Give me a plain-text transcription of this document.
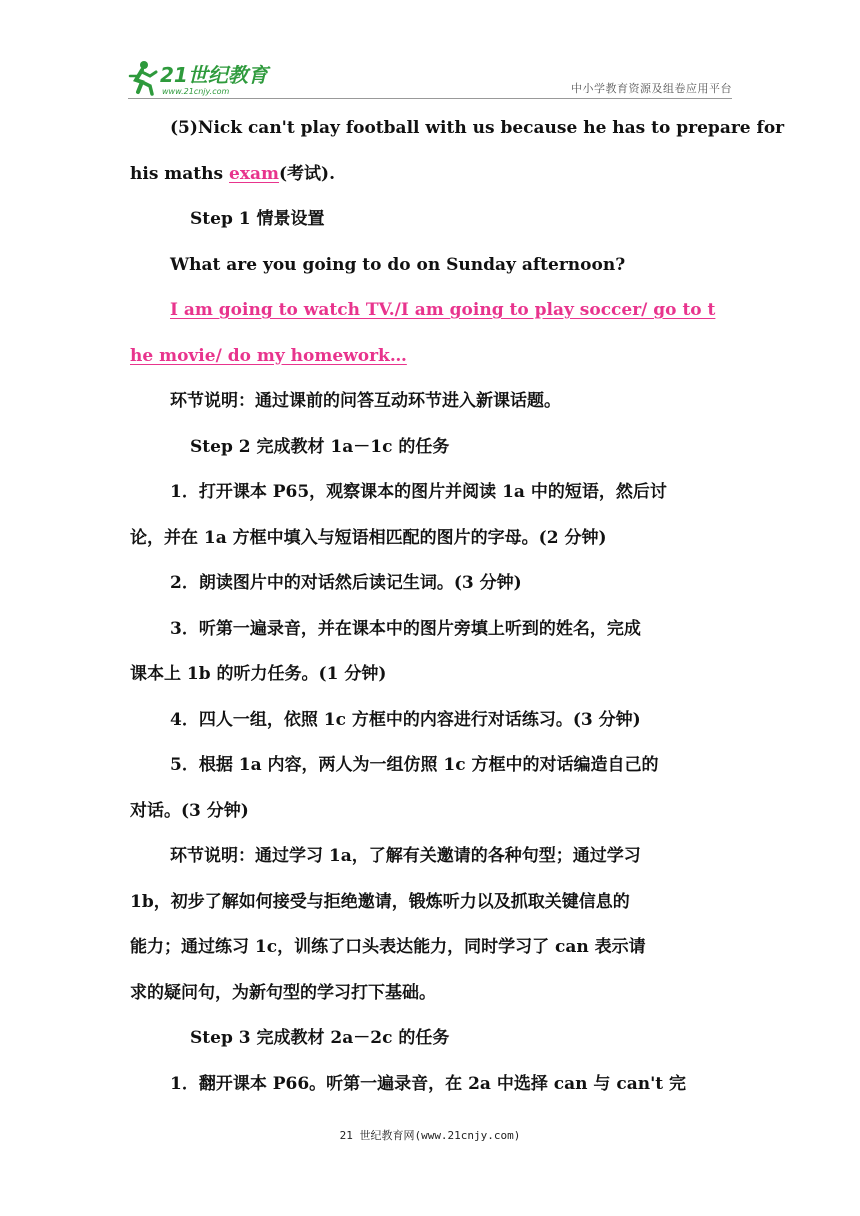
21世纪教育
www.21cnjy.com	中小学教育资源及组卷应用平台
(5)Nick can't play football with us because he has to prepare for
his maths exam(考试).
Step 1 情景设置
What are you going to do on Sunday afternoon?
I am going to watch TV./I am going to play soccer/ go to t
he movie/ do my homework…
环节说明：通过课前的问答互动环节进入新课话题。
Step 2 完成教材 1a－1c 的任务
1．打开课本 P65，观察课本的图片并阅读 1a 中的短语，然后讨
论，并在 1a 方框中填入与短语相匹配的图片的字母。(2 分钟)
2．朗读图片中的对话然后读记生词。(3 分钟)
3．听第一遍录音，并在课本中的图片旁填上听到的姓名，完成
课本上 1b 的听力任务。(1 分钟)
4．四人一组，依照 1c 方框中的内容进行对话练习。(3 分钟)
5．根据 1a 内容，两人为一组仿照 1c 方框中的对话编造自己的
对话。(3 分钟)
环节说明：通过学习 1a，了解有关邀请的各种句型；通过学习
1b，初步了解如何接受与拒绝邀请，锻炼听力以及抓取关键信息的
能力；通过练习 1c，训练了口头表达能力，同时学习了 can 表示请
求的疑问句，为新句型的学习打下基础。
Step 3 完成教材 2a－2c 的任务
1．翻开课本 P66。听第一遍录音，在 2a 中选择 can 与 can't 完
21 世纪教育网(www.21cnjy.com)
